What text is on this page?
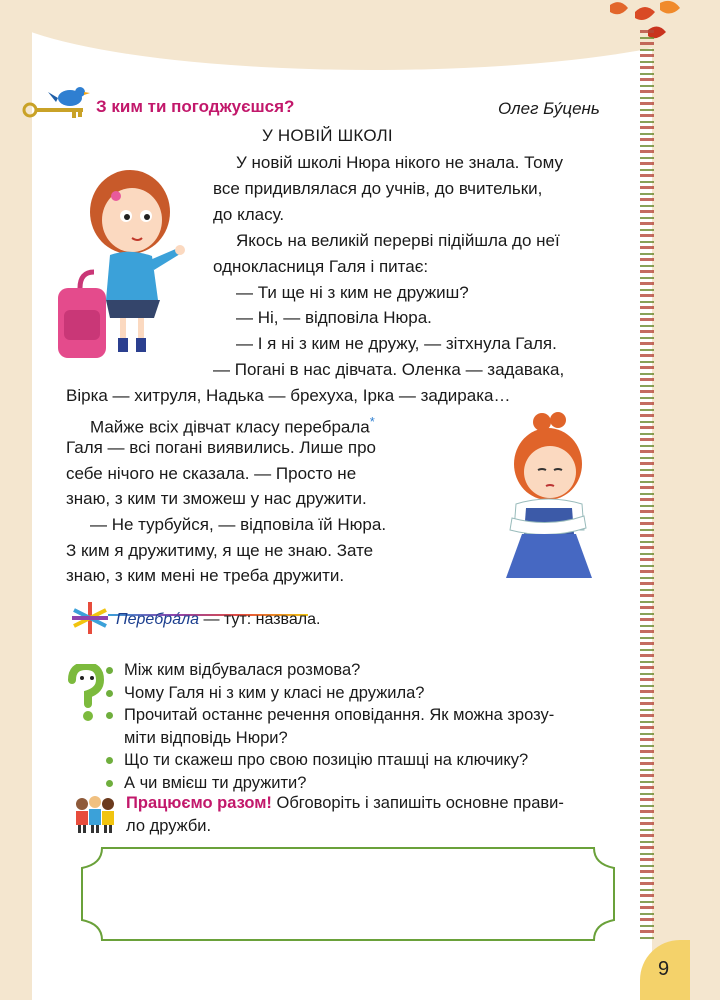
З ким ти погоджуєшся?	Олег Бу́цень
У НОВІЙ ШКОЛІ
У новій школі Нюра нікого не знала. Тому
все придивлялася до учнів, до вчительки,
до класу.
Якось на великій перерві підійшла до неї
однокласниця Галя і питає:
— Ти ще ні з ким не дружиш?
— Ні, — відповіла Нюра.
— І я ні з ким не дружу, — зітхнула Галя.
— Погані в нас дівчата. Оленка — задавака,
Вірка — хитруля, Надька — брехуха, Ірка — задирака…
Майже всіх дівчат класу перебрала*
Галя — всі погані виявились. Лише про
себе нічого не сказала. — Просто не
знаю, з ким ти зможеш у нас дружити.
— Не турбуйся, — відповіла їй Нюра.
З ким я дружитиму, я ще не знаю. Зате
знаю, з ким мені не треба дружити.
Перебра́ла — тут: назвала.
Між ким відбувалася розмова?
Чому Галя ні з ким у класі не дружила?
Прочитай останнє речення оповідання. Як можна зрозу-
міти відповідь Нюри?
Що ти скажеш про свою позицію пташці на ключику?
А чи вмієш ти дружити?
Працюємо разом! Обговоріть і запишіть основне прави-
ло дружби.
9
